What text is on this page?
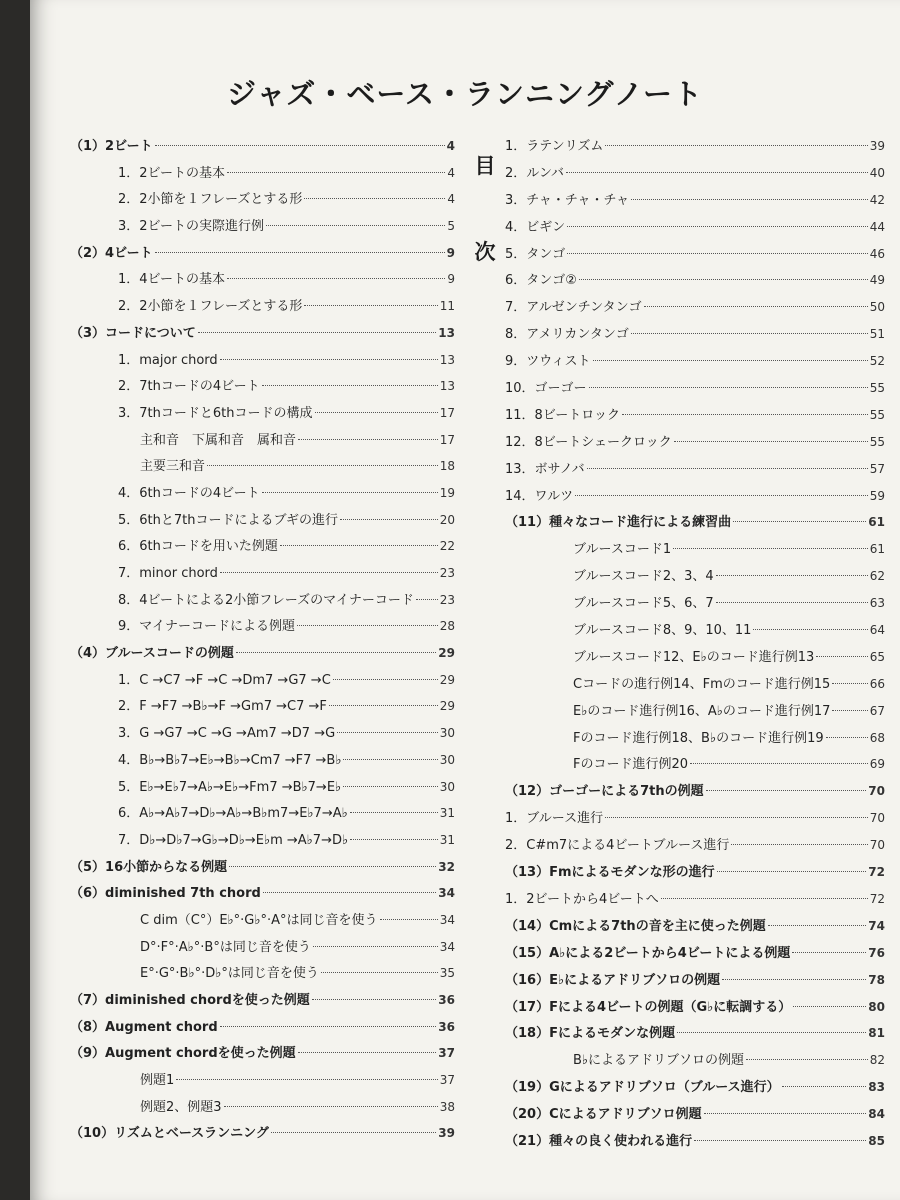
ジャズ・ベース・ランニングノート
目
次
（1）2ビート	4
1．2ビートの基本	4
2．2小節を１フレーズとする形	4
3．2ビートの実際進行例	5
（2）4ビート	9
1．4ビートの基本	9
2．2小節を１フレーズとする形	11
（3）コードについて	13
1．major chord	13
2．7thコードの4ビート	13
3．7thコードと6thコードの構成	17
主和音　下属和音　属和音	17
主要三和音	18
4．6thコードの4ビート	19
5．6thと7thコードによるブギの進行	20
6．6thコードを用いた例題	22
7．minor chord	23
8．4ビートによる2小節フレーズのマイナーコード 23
9．マイナーコードによる例題	28
（4）ブルースコードの例題	29
1．C →C7 →F →C →Dm7 →G7 →C	29
2．F →F7 →B♭→F →Gm7 →C7 →F	29
3．G →G7 →C →G →Am7 →D7 →G	30
4．B♭→B♭7→E♭→B♭→Cm7 →F7 →B♭	30
5．E♭→E♭7→A♭→E♭→Fm7 →B♭7→E♭	30
6．A♭→A♭7→D♭→A♭→B♭m7→E♭7→A♭	31
7．D♭→D♭7→G♭→D♭→E♭m →A♭7→D♭	31
（5）16小節からなる例題	32
（6）diminished 7th chord	34
C dim（C°）E♭°·G♭°·A°は同じ音を使う	34
D°·F°·A♭°·B°は同じ音を使う	34
E°·G°·B♭°·D♭°は同じ音を使う	35
（7）diminished chordを使った例題	36
（8）Augment chord	36
（9）Augment chordを使った例題	37
例題1	37
例題2、例題3	38
（10）リズムとベースランニング	39
1．ラテンリズム	39
2．ルンバ	40
3．チャ・チャ・チャ	42
4．ビギン	44
5．タンゴ	46
6．タンゴ②	49
7．アルゼンチンタンゴ	50
8．アメリカンタンゴ	51
9．ツウィスト	52
10．ゴーゴー	55
11．8ビートロック	55
12．8ビートシェークロック	55
13．ボサノバ	57
14．ワルツ	59
（11）種々なコード進行による練習曲	61
ブルースコード1	61
ブルースコード2、3、4	62
ブルースコード5、6、7	63
ブルースコード8、9、10、11	64
ブルースコード12、E♭のコード進行例13	65
Cコードの進行例14、Fmのコード進行例15	66
E♭のコード進行例16、A♭のコード進行例17	67
Fのコード進行例18、B♭のコード進行例19	68
Fのコード進行例20	69
（12）ゴーゴーによる7thの例題	70
1．ブルース進行	70
2．C#m7による4ビートブルース進行	70
（13）Fmによるモダンな形の進行	72
1．2ビートから4ビートへ	72
（14）Cmによる7thの音を主に使った例題	74
（15）A♭による2ビートから4ビートによる例題	76
（16）E♭によるアドリブソロの例題	78
（17）Fによる4ビートの例題（G♭に転調する）	80
（18）Fによるモダンな例題	81
B♭によるアドリブソロの例題	82
（19）Gによるアドリブソロ（ブルース進行）	83
（20）Cによるアドリブソロ例題	84
（21）種々の良く使われる進行	85
